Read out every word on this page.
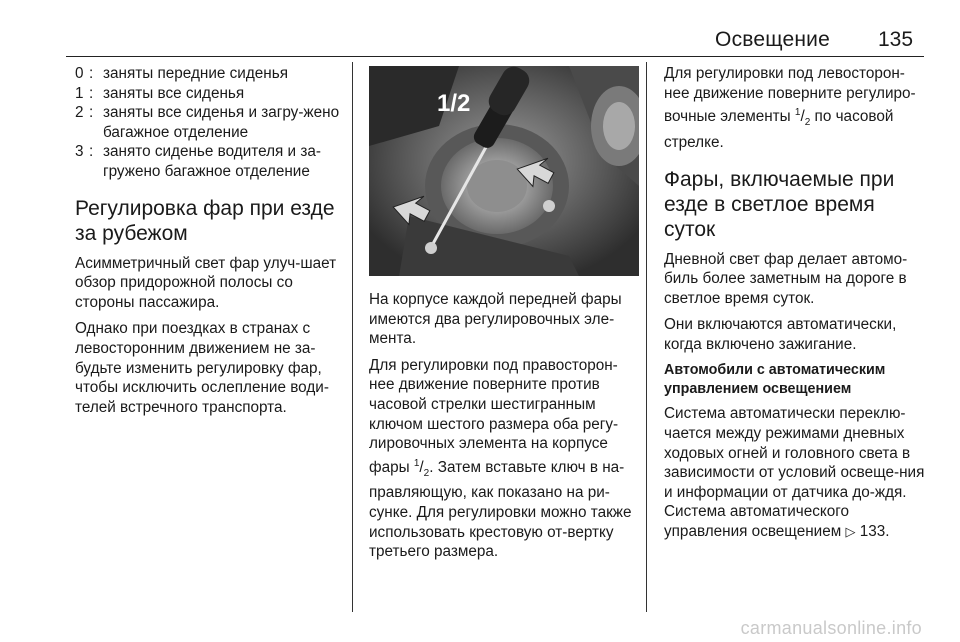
Освещение 135
0 : заняты передние сиденья
1 : заняты все сиденья
2 : заняты все сиденья и загру-жено багажное отделение
3 : занято сиденье водителя и за-гружено багажное отделение
Регулировка фар при езде за рубежом

Асимметричный свет фар улуч-шает обзор придорожной полосы со стороны пассажира.

Однако при поездках в странах с левосторонним движением не за-будьте изменить регулировку фар, чтобы исключить ослепление води-телей встречного транспорта.

1/2

На корпусе каждой передней фары имеются два регулировочных эле-мента.

Для регулировки под правосторон-нее движение поверните против часовой стрелки шестигранным ключом шестого размера оба регу-лировочных элемента на корпусе фары $^1/_2$. Затем вставьте ключ в на-правляющую, как показано на ри-сунке. Для регулировки можно также использовать крестовую от-вертку третьего размера.

Для регулировки под левосторон-нее движение поверните регулиро-вочные элементы $^1/_2$ по часовой стрелке.

Фары, включаемые при езде в светлое время суток

Дневной свет фар делает автомо-биль более заметным на дороге в светлое время суток.

Они включаются автоматически, когда включено зажигание.

Автомобили с автоматическим управлением освещением

Система автоматически переклю-чается между режимами дневных ходовых огней и головного света в зависимости от условий освеще-ния и информации от датчика до-ждя. Система автоматического управления освещением ▷ 133.

carmanualsonline.info
